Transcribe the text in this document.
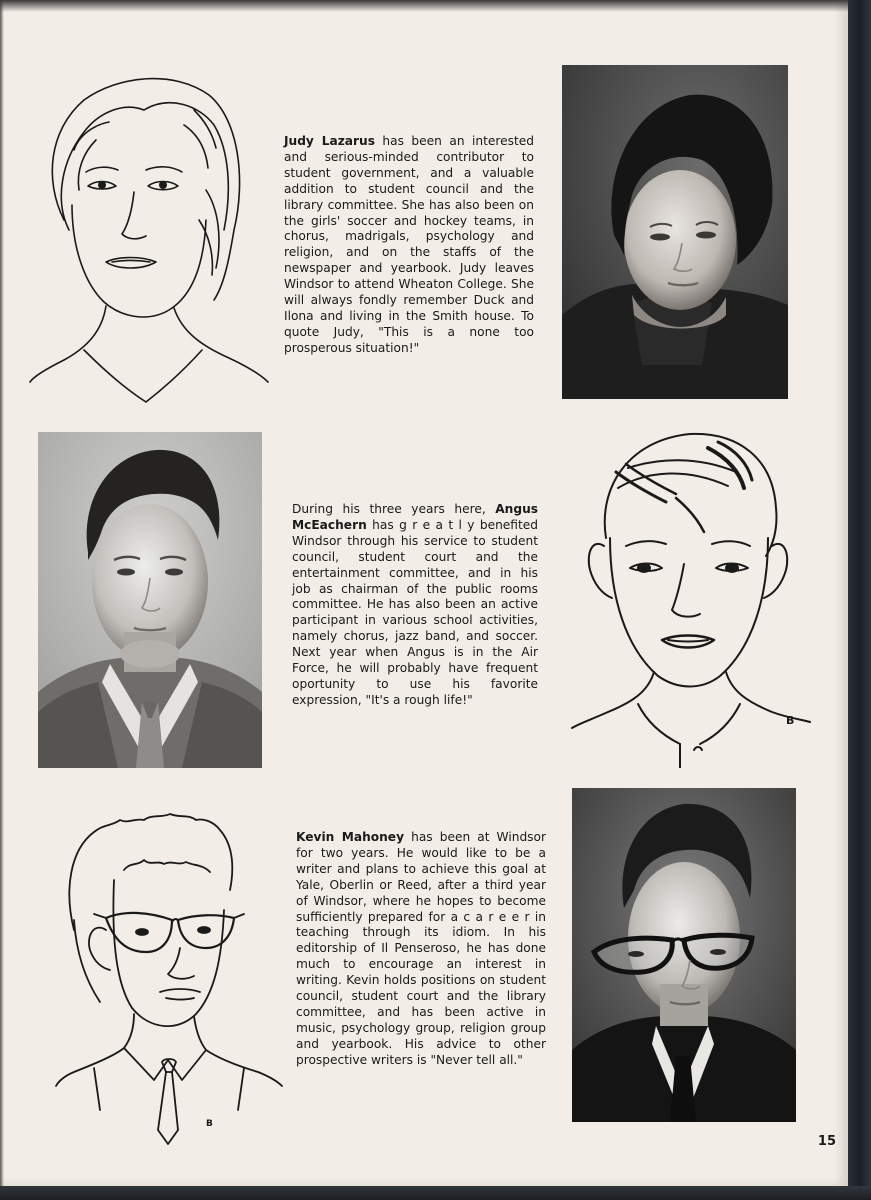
Judy Lazarus has been an interested and serious-minded contributor to student government, and a valuable addition to student council and the library committee. She has also been on the girls' soccer and hockey teams, in chorus, madrigals, psychology and religion, and on the staffs of the newspaper and yearbook. Judy leaves Windsor to attend Wheaton College. She will always fondly remember Duck and Ilona and living in the Smith house. To quote Judy, "This is a none too prosperous situation!"

During his three years here, Angus McEachern has g r e a t l y benefited Windsor through his service to student council, student court and the entertainment committee, and in his job as chairman of the public rooms committee. He has also been an active participant in various school activities, namely chorus, jazz band, and soccer. Next year when Angus is in the Air Force, he will probably have frequent oportunity to use his favorite expression, "It's a rough life!"

B
B

Kevin Mahoney has been at Windsor for two years. He would like to be a writer and plans to achieve this goal at Yale, Oberlin or Reed, after a third year of Windsor, where he hopes to become sufficiently prepared for a c a r e e r in teaching through its idiom. In his editorship of Il Penseroso, he has done much to encourage an interest in writing. Kevin holds positions on student council, student court and the library committee, and has been active in music, psychology group, religion group and yearbook. His advice to other prospective writers is "Never tell all."

15
